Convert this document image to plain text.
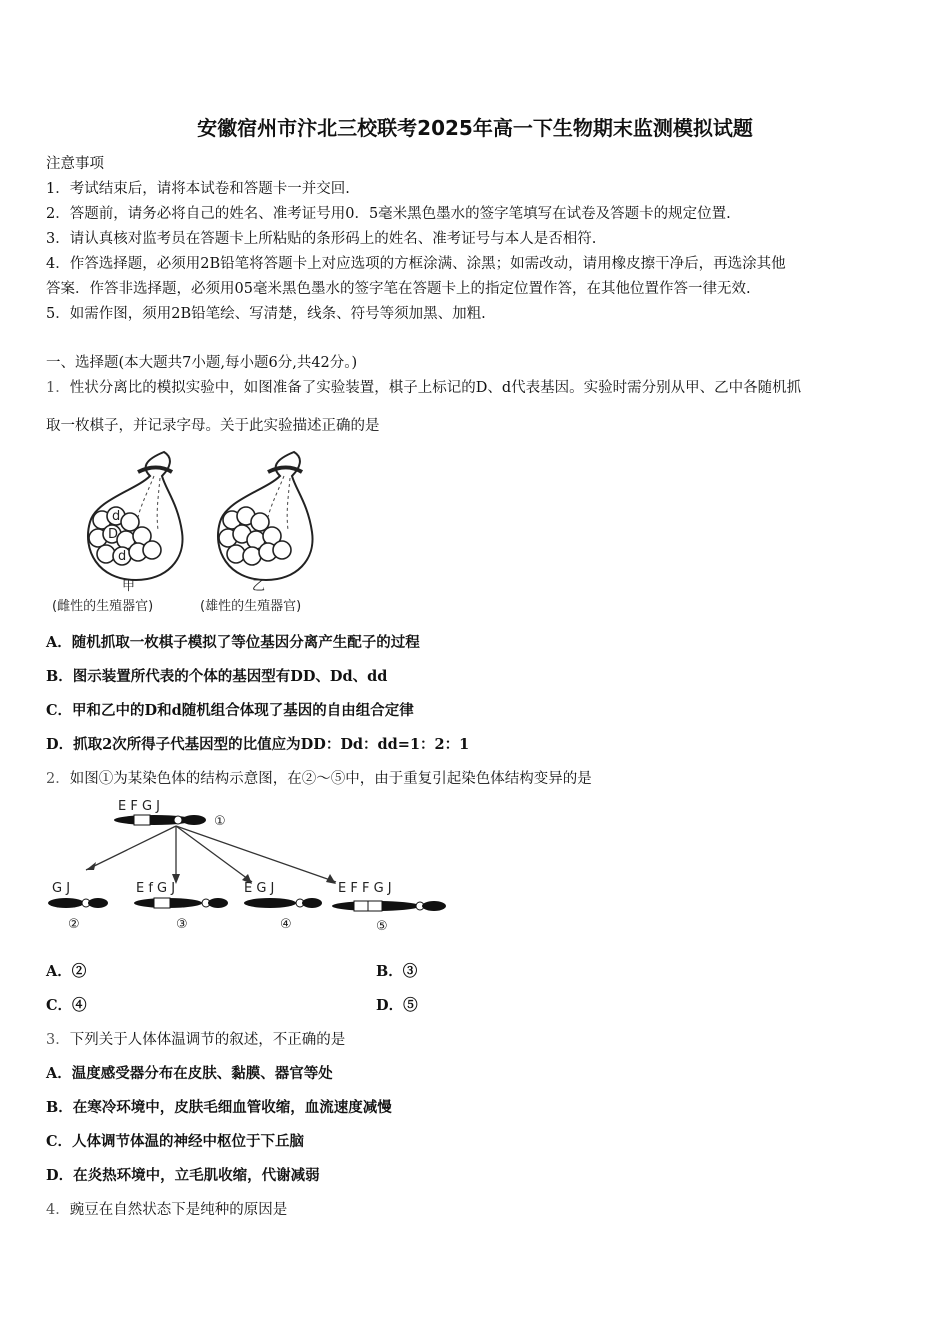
安徽宿州市汴北三校联考2025年高一下生物期末监测模拟试题
注意事项
1．考试结束后，请将本试卷和答题卡一并交回.
2．答题前，请务必将自己的姓名、准考证号用0．5毫米黑色墨水的签字笔填写在试卷及答题卡的规定位置.
3．请认真核对监考员在答题卡上所粘贴的条形码上的姓名、准考证号与本人是否相符.
4．作答选择题，必须用2B铅笔将答题卡上对应选项的方框涂满、涂黑；如需改动，请用橡皮擦干净后，再选涂其他
答案．作答非选择题，必须用05毫米黑色墨水的签字笔在答题卡上的指定位置作答，在其他位置作答一律无效.
5．如需作图，须用2B铅笔绘、写清楚，线条、符号等须加黑、加粗.
一、选择题(本大题共7小题,每小题6分,共42分。)
1．性状分离比的模拟实验中，如图准备了实验装置，棋子上标记的D、d代表基因。实验时需分别从甲、乙中各随机抓
取一枚棋子，并记录字母。关于此实验描述正确的是
d
D
d
甲
(雌性的生殖器官)
乙
(雄性的生殖器官)
A．随机抓取一枚棋子模拟了等位基因分离产生配子的过程
B．图示装置所代表的个体的基因型有DD、Dd、dd
C．甲和乙中的D和d随机组合体现了基因的自由组合定律
D．抓取2次所得子代基因型的比值应为DD：Dd：dd=1：2：1
2．如图①为某染色体的结构示意图，在②～⑤中，由于重复引起染色体结构变异的是
E F G J
①
G J
②
E f G J
③
E G J
④
E F F G J
⑤
A．②	B．③
C．④	D．⑤
3．下列关于人体体温调节的叙述，不正确的是
A．温度感受器分布在皮肤、黏膜、器官等处
B．在寒冷环境中，皮肤毛细血管收缩，血流速度减慢
C．人体调节体温的神经中枢位于下丘脑
D．在炎热环境中，立毛肌收缩，代谢减弱
4．豌豆在自然状态下是纯种的原因是
